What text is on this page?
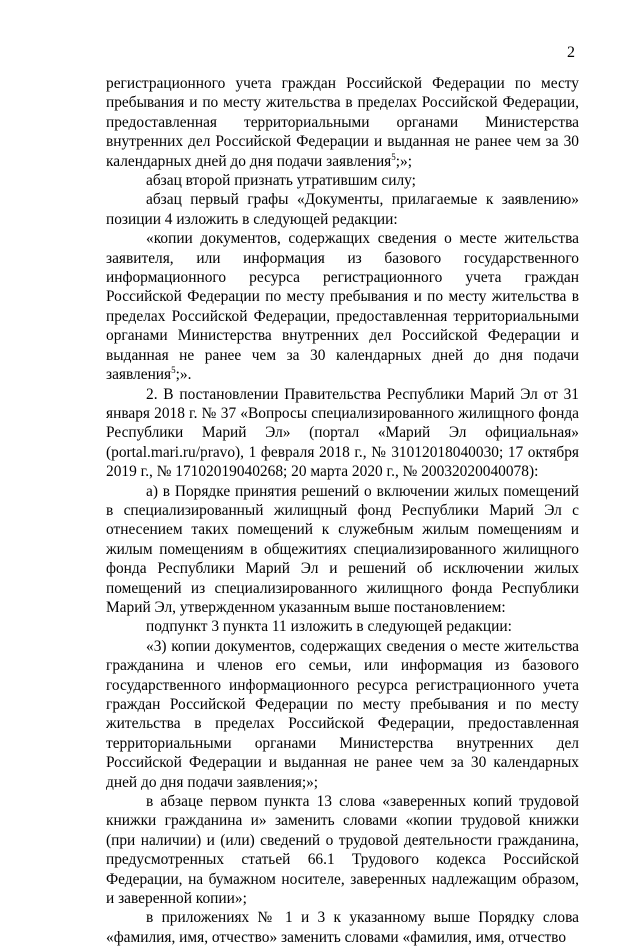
2

регистрационного учета граждан Российской Федерации по месту пребывания и по месту жительства в пределах Российской Федерации, предоставленная территориальными органами Министерства внутренних дел Российской Федерации и выданная не ранее чем за 30 календарных дней до дня подачи заявления$^5$;»;

абзац второй признать утратившим силу;

абзац первый графы «Документы, прилагаемые к заявлению» позиции 4 изложить в следующей редакции:

«копии документов, содержащих сведения о месте жительства заявителя, или информация из базового государственного информационного ресурса регистрационного учета граждан Российской Федерации по месту пребывания и по месту жительства в пределах Российской Федерации, предоставленная территориальными органами Министерства внутренних дел Российской Федерации и выданная не ранее чем за 30 календарных дней до дня подачи заявления$^5$;».

2. В постановлении Правительства Республики Марий Эл от 31 января 2018 г. № 37 «Вопросы специализированного жилищного фонда Республики Марий Эл» (портал «Марий Эл официальная» (portal.mari.ru/pravo), 1 февраля 2018 г., № 31012018040030; 17 октября 2019 г., № 17102019040268; 20 марта 2020 г., № 20032020040078):

а) в Порядке принятия решений о включении жилых помещений в специализированный жилищный фонд Республики Марий Эл с отнесением таких помещений к служебным жилым помещениям и жилым помещениям в общежитиях специализированного жилищного фонда Республики Марий Эл и решений об исключении жилых помещений из специализированного жилищного фонда Республики Марий Эл, утвержденном указанным выше постановлением:

подпункт 3 пункта 11 изложить в следующей редакции:

«3) копии документов, содержащих сведения о месте жительства гражданина и членов его семьи, или информация из базового государственного информационного ресурса регистрационного учета граждан Российской Федерации по месту пребывания и по месту жительства в пределах Российской Федерации, предоставленная территориальными органами Министерства внутренних дел Российской Федерации и выданная не ранее чем за 30 календарных дней до дня подачи заявления;»;

в абзаце первом пункта 13 слова «заверенных копий трудовой книжки гражданина и» заменить словами «копии трудовой книжки (при наличии) и (или) сведений о трудовой деятельности гражданина, предусмотренных статьей 66.1 Трудового кодекса Российской Федерации, на бумажном носителе, заверенных надлежащим образом, и заверенной копии»;

в приложениях № 1 и 3 к указанному выше Порядку слова «фамилия, имя, отчество» заменить словами «фамилия, имя, отчество
